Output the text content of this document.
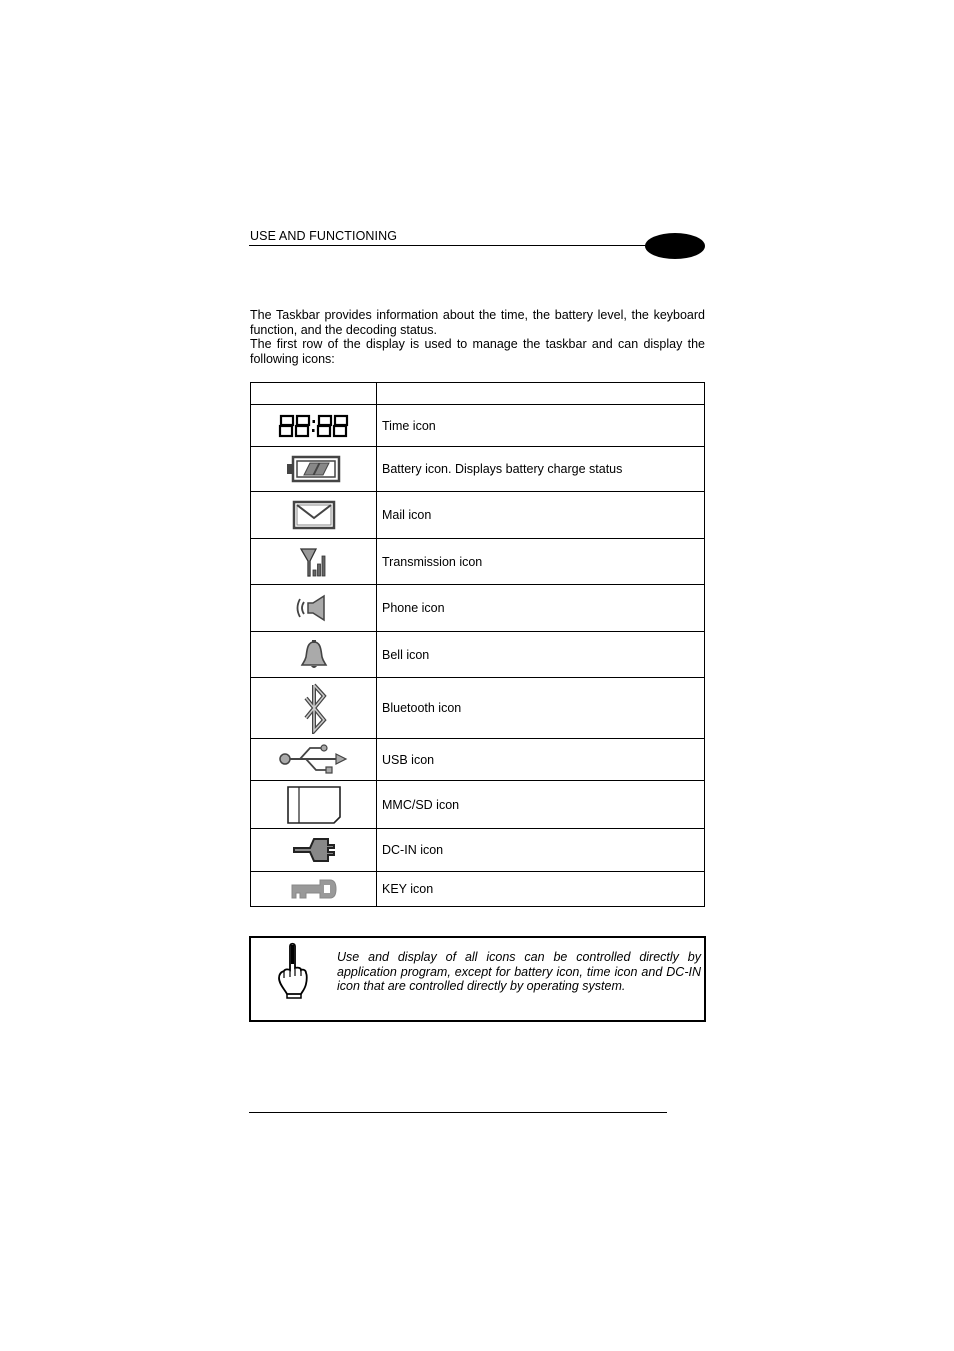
USE AND FUNCTIONING

The Taskbar provides information about the time, the battery level, the keyboard function, and the decoding status.

The first row of the display is used to manage the taskbar and can display the following icons:

	Time icon

	Battery icon. Displays battery charge status

	Mail icon

	Transmission icon

	Phone icon

	Bell icon

	Bluetooth icon

	USB icon

	MMC/SD icon

	DC-IN icon

	KEY icon
Use and display of all icons can be controlled directly by application program, except for battery icon, time icon and DC-IN icon that are controlled directly by operating system.
